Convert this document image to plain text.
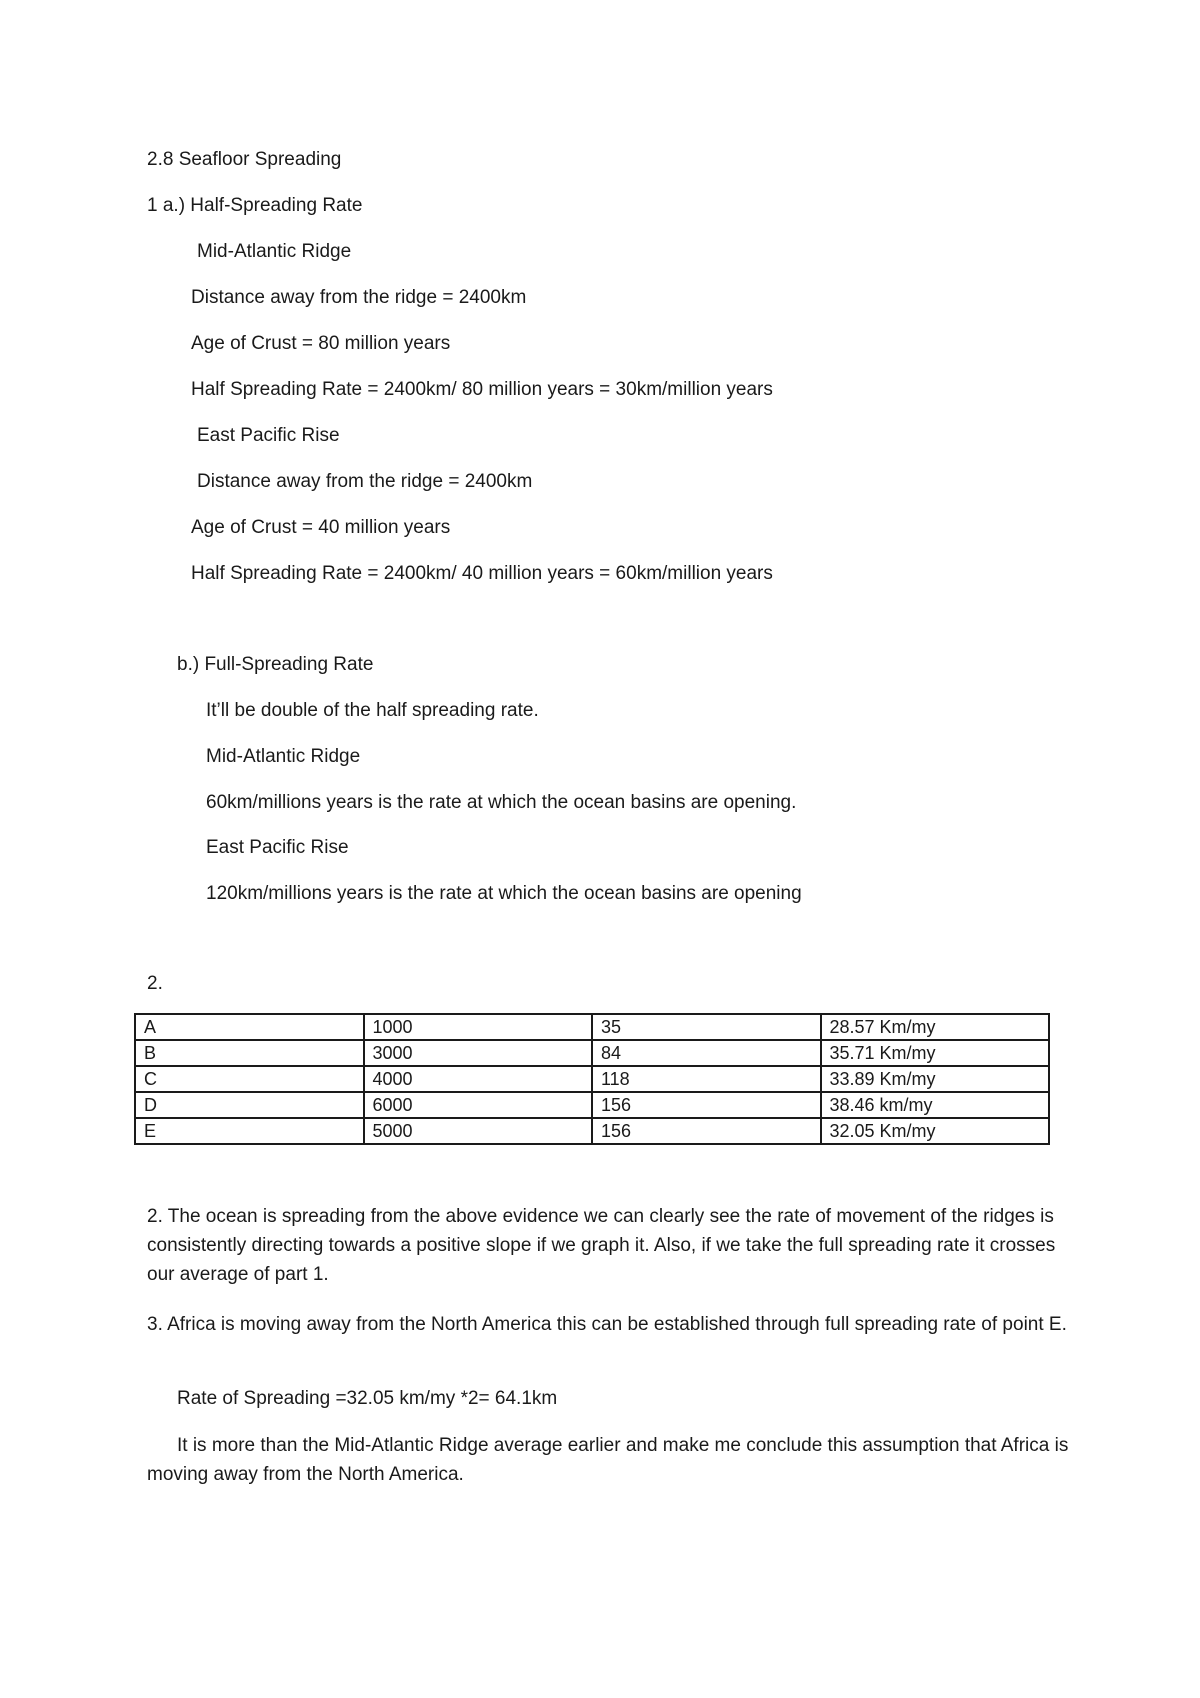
2.8 Seafloor Spreading
1 a.) Half-Spreading Rate
Mid-Atlantic Ridge
Distance away from the ridge = 2400km
Age of Crust = 80 million years
Half Spreading Rate = 2400km/ 80 million years = 30km/million years
East Pacific Rise
Distance away from the ridge = 2400km
Age of Crust = 40 million years
Half Spreading Rate = 2400km/ 40 million years = 60km/million years
b.) Full-Spreading Rate
It’ll be double of the half spreading rate.
Mid-Atlantic Ridge
60km/millions years is the rate at which the ocean basins are opening.
East Pacific Rise
120km/millions years is the rate at which the ocean basins are opening
2.
A	1000	35	28.57 Km/my
B	3000	84	35.71 Km/my
C	4000	118	33.89 Km/my
D	6000	156	38.46 km/my
E	5000	156	32.05 Km/my
2. The ocean is spreading from the above evidence we can clearly see the rate of movement of the ridges is consistently directing towards a positive slope if we graph it. Also, if we take the full spreading rate it crosses our average of part 1.
3. Africa is moving away from the North America this can be established through full spreading rate of point E.
Rate of Spreading =32.05 km/my *2= 64.1km
It is more than the Mid-Atlantic Ridge average earlier and make me conclude this assumption that Africa is moving away from the North America.
